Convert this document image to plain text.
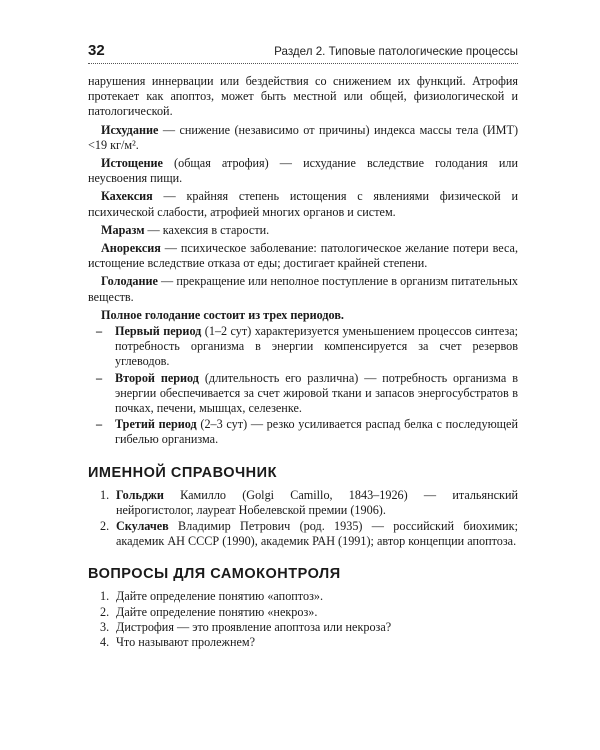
32	Раздел 2. Типовые патологические процессы

нарушения иннервации или бездействия со снижением их функций. Атрофия протекает как апоптоз, может быть местной или общей, физиологической и патологической.

Исхудание — снижение (независимо от причины) индекса массы тела (ИМТ) <19 кг/м².

Истощение (общая атрофия) — исхудание вследствие голодания или неусвоения пищи.

Кахексия — крайняя степень истощения с явлениями физической и психической слабости, атрофией многих органов и систем.

Маразм — кахексия в старости.

Анорексия — психическое заболевание: патологическое желание потери веса, истощение вследствие отказа от еды; достигает крайней степени.

Голодание — прекращение или неполное поступление в организм питательных веществ.

Полное голодание состоит из трех периодов.

– Первый период (1–2 сут) характеризуется уменьшением процессов синтеза; потребность организма в энергии компенсируется за счет резервов углеводов.

– Второй период (длительность его различна) — потребность организма в энергии обеспечивается за счет жировой ткани и запасов энергосубстратов в почках, печени, мышцах, селезенке.

– Третий период (2–3 сут) — резко усиливается распад белка с последующей гибелью организма.

ИМЕННОЙ СПРАВОЧНИК

1. Гольджи Камилло (Golgi Camillo, 1843–1926) — итальянский нейрогистолог, лауреат Нобелевской премии (1906).

2. Скулачев Владимир Петрович (род. 1935) — российский биохимик; академик АН СССР (1990), академик РАН (1991); автор концепции апоптоза.

ВОПРОСЫ ДЛЯ САМОКОНТРОЛЯ

1. Дайте определение понятию «апоптоз».

2. Дайте определение понятию «некроз».

3. Дистрофия — это проявление апоптоза или некроза?

4. Что называют пролежнем?
